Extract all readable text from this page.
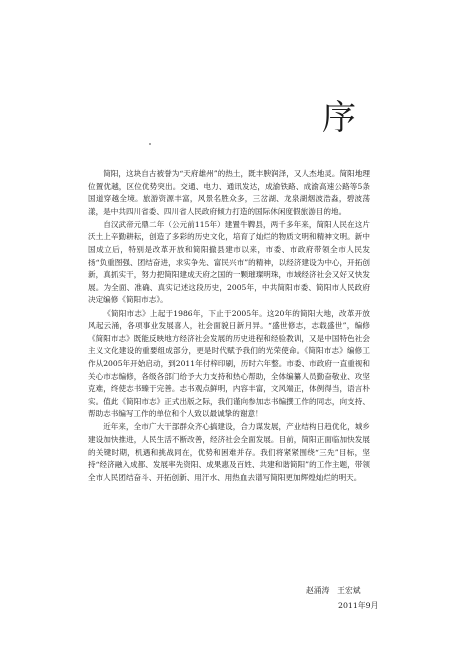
序

简阳，这块自古被誉为“天府雄州”的热土，既丰腴润泽，又人杰地灵。简阳地理位置优越，区位优势突出。交通、电力、通讯发达，成渝铁路、成渝高速公路等5条国道穿越全境。旅游资源丰富，风景名胜众多，三岔湖、龙泉湖烟波浩淼，碧波荡漾，是中共四川省委、四川省人民政府倾力打造的国际休闲度假旅游目的地。

自汉武帝元鼎二年（公元前115年）建置牛鞞县，两千多年来，简阳人民在这片沃土上辛勤耕耘，创造了多彩的历史文化，培育了灿烂的物质文明和精神文明。新中国成立后，特别是改革开放和简阳撤县建市以来，市委、市政府带领全市人民发扬“负重图强、团结奋进，求实争先、富民兴市”的精神，以经济建设为中心，开拓创新，真抓实干，努力把简阳建成天府之国的一颗璀璨明珠，市域经济社会又好又快发展。为全面、准确、真实记述这段历史，2005年，中共简阳市委、简阳市人民政府决定编修《简阳市志》。

《简阳市志》上起于1986年，下止于2005年。这20年的简阳大地，改革开放风起云涌，各项事业发展喜人，社会面貌日新月异。“盛世修志，志载盛世”，编修《简阳市志》既能反映地方经济社会发展的历史进程和经验教训，又是中国特色社会主义文化建设的重要组成部分，更是时代赋予我们的光荣使命。《简阳市志》编修工作从2005年开始启动，到2011年付梓印刷，历时六年整。市委、市政府一直重视和关心市志编修，各级各部门给予大力支持和热心帮助，全体编纂人员勤奋敬业、攻坚克难，终使志书臻于完善。志书观点鲜明，内容丰富，文风端正，体例得当，语言朴实。值此《简阳市志》正式出版之际，我们谨向参加志书编撰工作的同志，向支持、帮助志书编写工作的单位和个人致以最诚挚的谢意！

近年来，全市广大干部群众齐心搞建设，合力谋发展，产业结构日趋优化，城乡建设加快推进，人民生活不断改善，经济社会全面发展。目前，简阳正面临加快发展的关键时期，机遇和挑战同在，优势和困难并存。我们将紧紧围绕“三先”目标，坚持“经济融入成都、发展率先资阳、成果惠及百姓、共建和谐简阳”的工作主题，带领全市人民团结奋斗、开拓创新、用汗水、用热血去谱写简阳更加辉煌灿烂的明天。

赵涌涛　王宏斌
2011年9月
